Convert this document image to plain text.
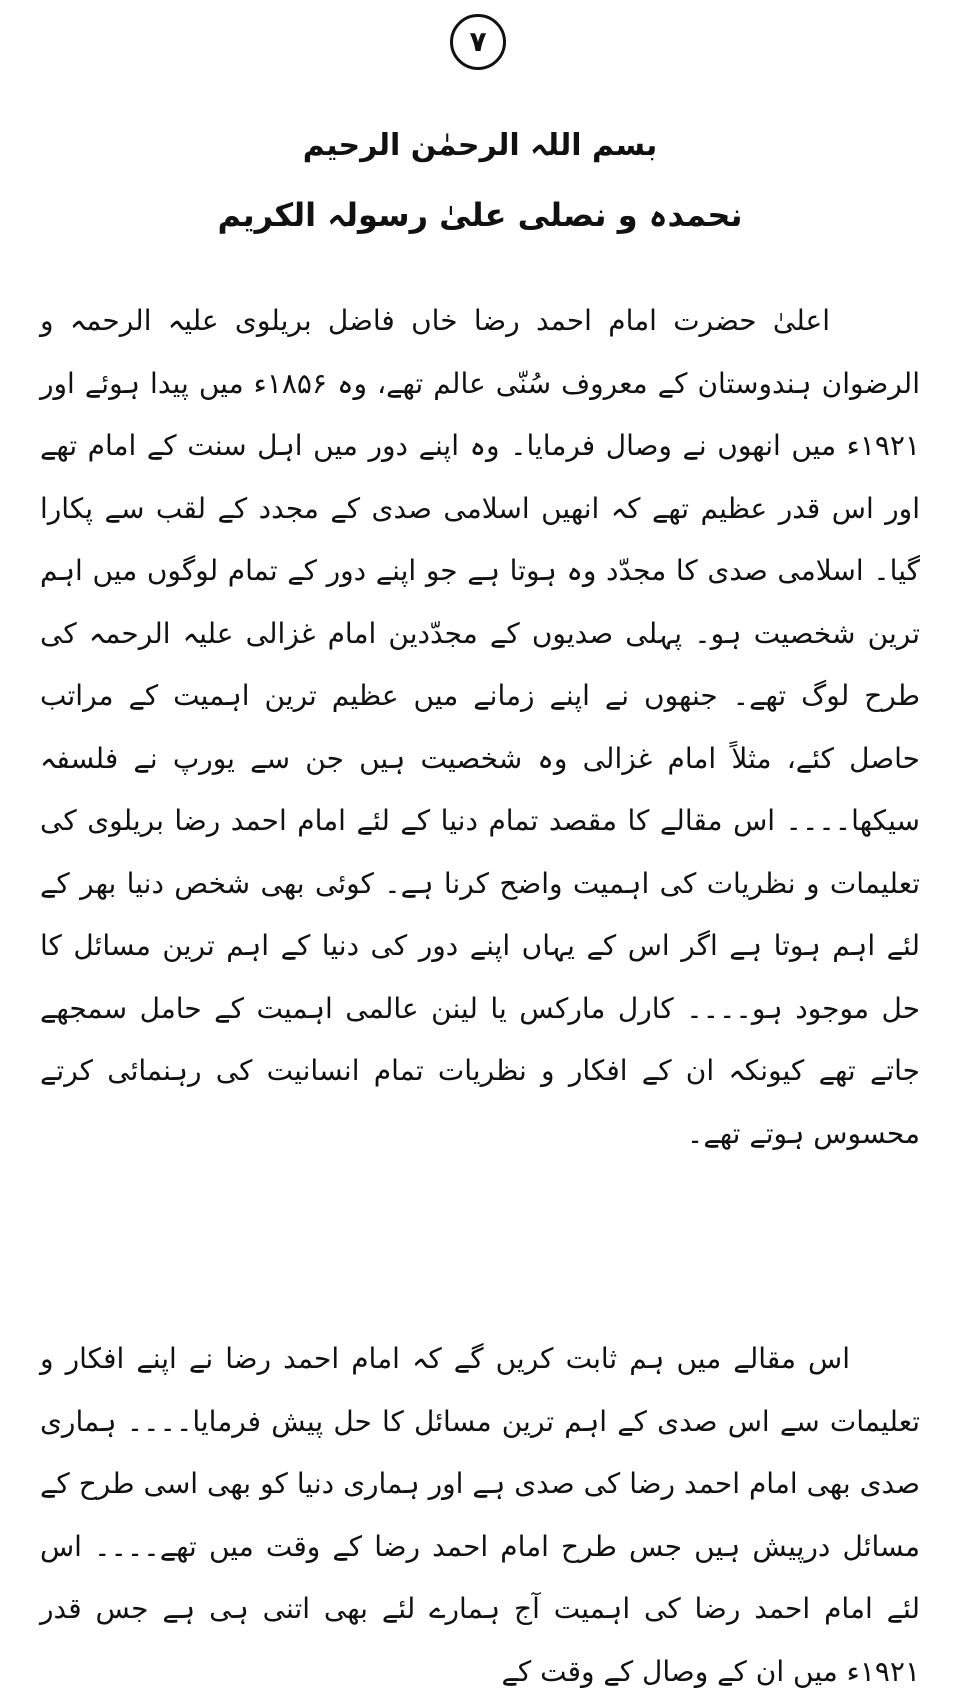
٧
بسم اللہ الرحمٰن الرحیم
نحمدہ و نصلی علیٰ رسولہ الکریم

اعلیٰ حضرت امام احمد رضا خاں فاضل بریلوی علیہ الرحمہ و الرضوان ہندوستان کے معروف سُنّی عالم تھے، وہ ۱۸۵۶ء میں پیدا ہوئے اور ۱۹۲۱ء میں انھوں نے وصال فرمایا۔ وہ اپنے دور میں اہل سنت کے امام تھے اور اس قدر عظیم تھے کہ انھیں اسلامی صدی کے مجدد کے لقب سے پکارا گیا۔ اسلامی صدی کا مجدّد وہ ہوتا ہے جو اپنے دور کے تمام لوگوں میں اہم ترین شخصیت ہو۔ پہلی صدیوں کے مجدّدین امام غزالی علیہ الرحمہ کی طرح لوگ تھے۔ جنھوں نے اپنے زمانے میں عظیم ترین اہمیت کے مراتب حاصل کئے، مثلاً امام غزالی وہ شخصیت ہیں جن سے یورپ نے فلسفہ سیکھا۔۔۔۔ اس مقالے کا مقصد تمام دنیا کے لئے امام احمد رضا بریلوی کی تعلیمات و نظریات کی اہمیت واضح کرنا ہے۔ کوئی بھی شخص دنیا بھر کے لئے اہم ہوتا ہے اگر اس کے یہاں اپنے دور کی دنیا کے اہم ترین مسائل کا حل موجود ہو۔۔۔۔ کارل مارکس یا لینن عالمی اہمیت کے حامل سمجھے جاتے تھے کیونکہ ان کے افکار و نظریات تمام انسانیت کی رہنمائی کرتے محسوس ہوتے تھے۔

اس مقالے میں ہم ثابت کریں گے کہ امام احمد رضا نے اپنے افکار و تعلیمات سے اس صدی کے اہم ترین مسائل کا حل پیش فرمایا۔۔۔۔ ہماری صدی بھی امام احمد رضا کی صدی ہے اور ہماری دنیا کو بھی اسی طرح کے مسائل درپیش ہیں جس طرح امام احمد رضا کے وقت میں تھے۔۔۔۔ اس لئے امام احمد رضا کی اہمیت آج ہمارے لئے بھی اتنی ہی ہے جس قدر ۱۹۲۱ء میں ان کے وصال کے وقت کے
